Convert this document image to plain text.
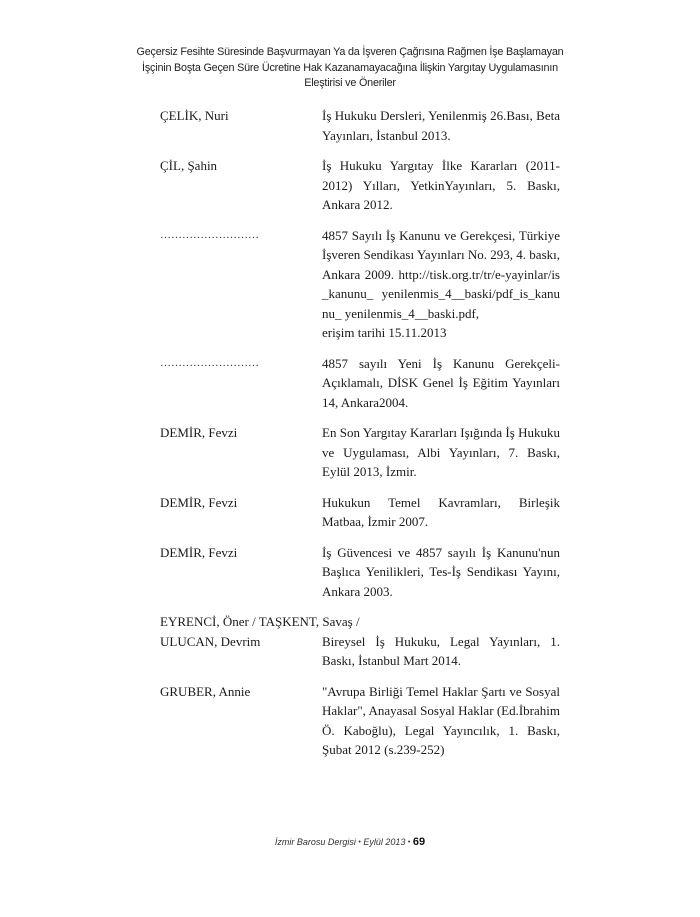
Geçersiz Fesihte Süresinde Başvurmayan Ya da İşveren Çağrısına Rağmen İşe Başlamayan
İşçinin Boşta Geçen Süre Ücretine Hak Kazanamayacağına İlişkin Yargıtay Uygulamasının
Eleştirisi ve Öneriler
ÇELİK, Nuri	İş Hukuku Dersleri, Yenilenmiş 26.Bası, Beta Yayınları, İstanbul 2013.
ÇİL, Şahin	İş Hukuku Yargıtay İlke Kararları (2011-2012) Yılları, YetkinYayınları, 5. Baskı, Ankara 2012.
………………………	4857 Sayılı İş Kanunu ve Gerekçesi, Türkiye İşveren Sendikası Yayınları No. 293, 4. baskı, Ankara 2009. http://tisk.org.tr/tr/e-yayinlar/is_kanunu_ yenilenmis_4__baski/pdf_is_kanunu_ yenilenmis_4__baski.pdf,
erişim tarihi 15.11.2013
………………………	4857 sayılı Yeni İş Kanunu Gerekçeli-Açıklamalı, DİSK Genel İş Eğitim Yayınları 14, Ankara2004.
DEMİR, Fevzi	En Son Yargıtay Kararları Işığında İş Hukuku ve Uygulaması, Albi Yayınları, 7. Baskı, Eylül 2013, İzmir.
DEMİR, Fevzi	Hukukun Temel Kavramları, Birleşik Matbaa, İzmir 2007.
DEMİR, Fevzi	İş Güvencesi ve 4857 sayılı İş Kanunu'nun Başlıca Yenilikleri, Tes-İş Sendikası Yayını, Ankara 2003.
EYRENCİ, Öner / TAŞKENT, Savaş /
ULUCAN, Devrim	Bireysel İş Hukuku, Legal Yayınları, 1. Baskı, İstanbul Mart 2014.
GRUBER, Annie	"Avrupa Birliği Temel Haklar Şartı ve Sosyal Haklar", Anayasal Sosyal Haklar (Ed.İbrahim Ö. Kaboğlu), Legal Yayıncılık, 1. Baskı, Şubat 2012 (s.239-252)
İzmir Barosu Dergisi • Eylül 2013 • 69
